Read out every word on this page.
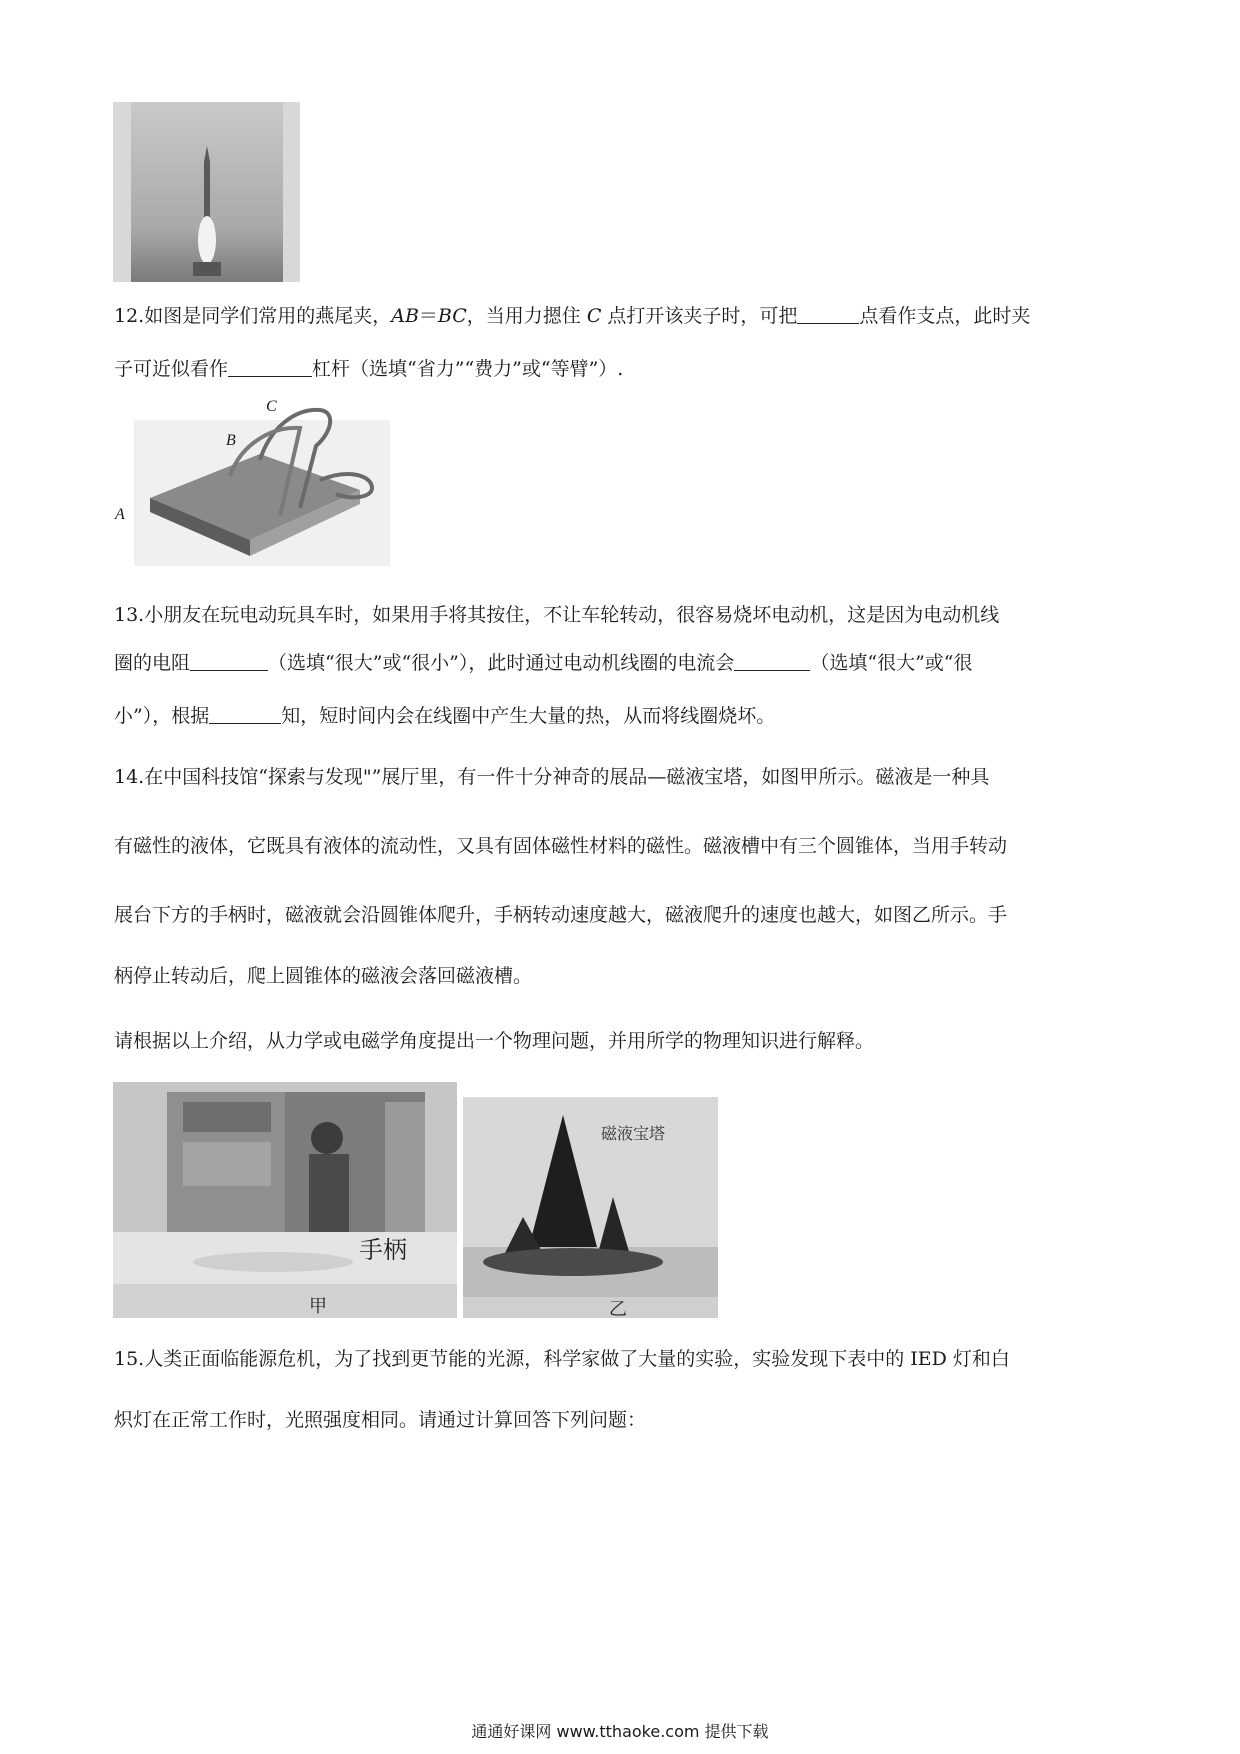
12.如图是同学们常用的燕尾夹，AB＝BC，当用力摁住 C 点打开该夹子时，可把	点看作支点，此时夹
子可近似看作	杠杆（选填“省力”“费力”或“等臂”）.
C
B
A
13.小朋友在玩电动玩具车时，如果用手将其按住，不让车轮转动，很容易烧坏电动机，这是因为电动机线
圈的电阻	（选填“很大”或“很小”），此时通过电动机线圈的电流会	（选填“很大”或“很
小”），根据	知，短时间内会在线圈中产生大量的热，从而将线圈烧坏。
14.在中国科技馆“探索与发现"”展厅里，有一件十分神奇的展品—磁液宝塔，如图甲所示。磁液是一种具
有磁性的液体，它既具有液体的流动性，又具有固体磁性材料的磁性。磁液槽中有三个圆锥体，当用手转动
展台下方的手柄时，磁液就会沿圆锥体爬升，手柄转动速度越大，磁液爬升的速度也越大，如图乙所示。手
柄停止转动后，爬上圆锥体的磁液会落回磁液槽。
请根据以上介绍，从力学或电磁学角度提出一个物理问题，并用所学的物理知识进行解释。
手柄
甲
磁液宝塔
乙
15.人类正面临能源危机，为了找到更节能的光源，科学家做了大量的实验，实验发现下表中的 IED 灯和白
炽灯在正常工作时，光照强度相同。请通过计算回答下列问题：
通通好课网 www.tthaoke.com 提供下载
